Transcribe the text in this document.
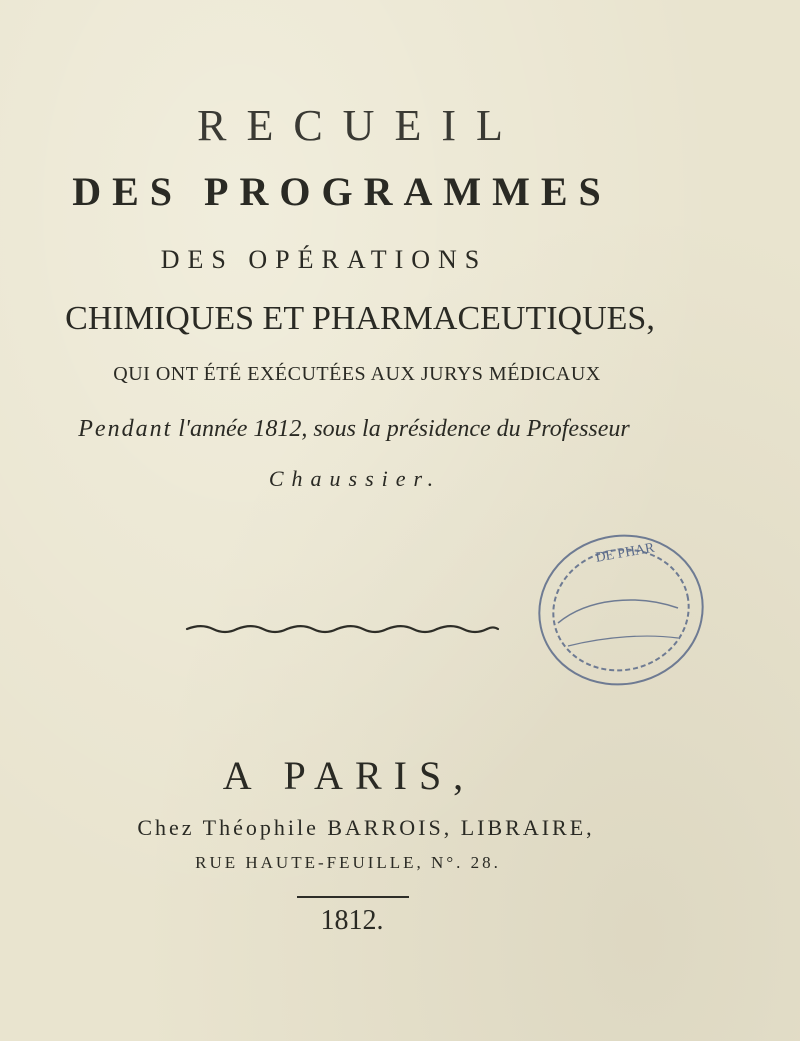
RECUEIL
DES PROGRAMMES
DES OPÉRATIONS
CHIMIQUES ET PHARMACEUTIQUES,
QUI ONT ÉTÉ EXÉCUTÉES AUX JURYS MÉDICAUX
Pendant l'année 1812, sous la présidence du Professeur
Chaussier.
DE PHAR
A PARIS,
Chez Théophile BARROIS, LIBRAIRE,
RUE HAUTE-FEUILLE, N°. 28.
1812.
